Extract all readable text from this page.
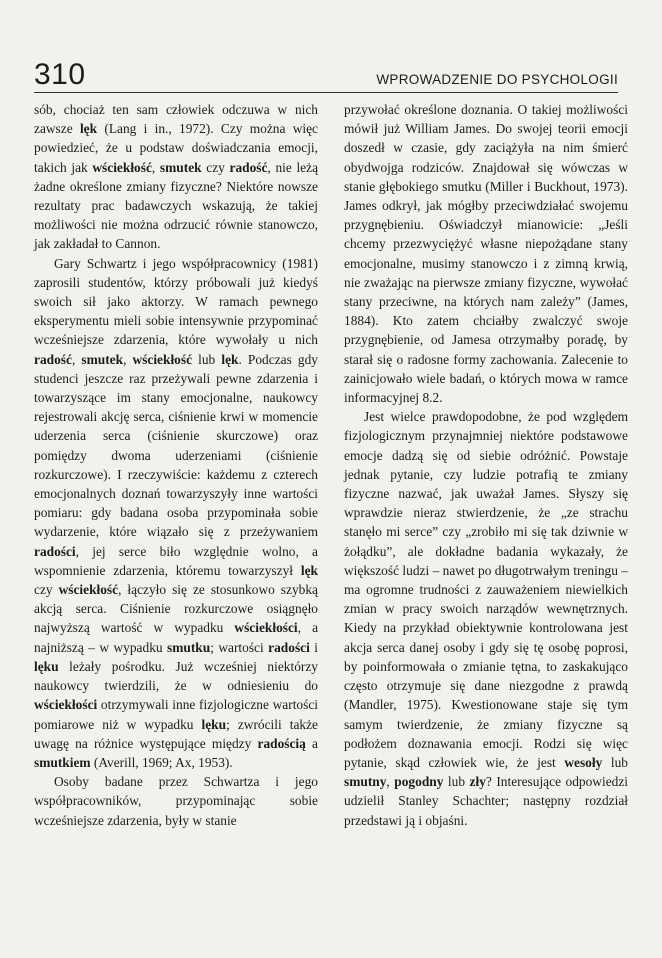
310	WPROWADZENIE DO PSYCHOLOGII

sób, chociaż ten sam człowiek odczuwa w nich zawsze lęk (Lang i in., 1972). Czy można więc powiedzieć, że u podstaw doświadczania emocji, takich jak wściekłość, smutek czy radość, nie leżą żadne określone zmiany fizyczne? Niektóre nowsze rezultaty prac badawczych wskazują, że takiej możliwości nie można odrzucić równie stanowczo, jak zakładał to Cannon.

Gary Schwartz i jego współpracownicy (1981) zaprosili studentów, którzy próbowali już kiedyś swoich sił jako aktorzy. W ramach pewnego eksperymentu mieli sobie intensywnie przypominać wcześniejsze zdarzenia, które wywołały u nich radość, smutek, wściekłość lub lęk. Podczas gdy studenci jeszcze raz przeżywali pewne zdarzenia i towarzyszące im stany emocjonalne, naukowcy rejestrowali akcję serca, ciśnienie krwi w momencie uderzenia serca (ciśnienie skurczowe) oraz pomiędzy dwoma uderzeniami (ciśnienie rozkurczowe). I rzeczywiście: każdemu z czterech emocjonalnych doznań towarzyszyły inne wartości pomiaru: gdy badana osoba przypominała sobie wydarzenie, które wiązało się z przeżywaniem radości, jej serce biło względnie wolno, a wspomnienie zdarzenia, któremu towarzyszył lęk czy wściekłość, łączyło się ze stosunkowo szybką akcją serca. Ciśnienie rozkurczowe osiągnęło najwyższą wartość w wypadku wściekłości, a najniższą – w wypadku smutku; wartości radości i lęku leżały pośrodku. Już wcześniej niektórzy naukowcy twierdzili, że w odniesieniu do wściekłości otrzymywali inne fizjologiczne wartości pomiarowe niż w wypadku lęku; zwrócili także uwagę na różnice występujące między radością a smutkiem (Averill, 1969; Ax, 1953).

Osoby badane przez Schwartza i jego współpracowników, przypominając sobie wcześniejsze zdarzenia, były w stanie

przywołać określone doznania. O takiej możliwości mówił już William James. Do swojej teorii emocji doszedł w czasie, gdy zaciążyła na nim śmierć obydwojga rodziców. Znajdował się wówczas w stanie głębokiego smutku (Miller i Buckhout, 1973). James odkrył, jak mógłby przeciwdziałać swojemu przygnębieniu. Oświadczył mianowicie: „Jeśli chcemy przezwyciężyć własne niepożądane stany emocjonalne, musimy stanowczo i z zimną krwią, nie zważając na pierwsze zmiany fizyczne, wywołać stany przeciwne, na których nam zależy” (James, 1884). Kto zatem chciałby zwalczyć swoje przygnębienie, od Jamesa otrzymałby poradę, by starał się o radosne formy zachowania. Zalecenie to zainicjowało wiele badań, o których mowa w ramce informacyjnej 8.2.

Jest wielce prawdopodobne, że pod względem fizjologicznym przynajmniej niektóre podstawowe emocje dadzą się od siebie odróżnić. Powstaje jednak pytanie, czy ludzie potrafią te zmiany fizyczne nazwać, jak uważał James. Słyszy się wprawdzie nieraz stwierdzenie, że „ze strachu stanęło mi serce” czy „zrobiło mi się tak dziwnie w żołądku”, ale dokładne badania wykazały, że większość ludzi – nawet po długotrwałym treningu – ma ogromne trudności z zauważeniem niewielkich zmian w pracy swoich narządów wewnętrznych. Kiedy na przykład obiektywnie kontrolowana jest akcja serca danej osoby i gdy się tę osobę poprosi, by poinformowała o zmianie tętna, to zaskakująco często otrzymuje się dane niezgodne z prawdą (Mandler, 1975). Kwestionowane staje się tym samym twierdzenie, że zmiany fizyczne są podłożem doznawania emocji. Rodzi się więc pytanie, skąd człowiek wie, że jest wesoły lub smutny, pogodny lub zły? Interesujące odpowiedzi udzielił Stanley Schachter; następny rozdział przedstawi ją i objaśni.
